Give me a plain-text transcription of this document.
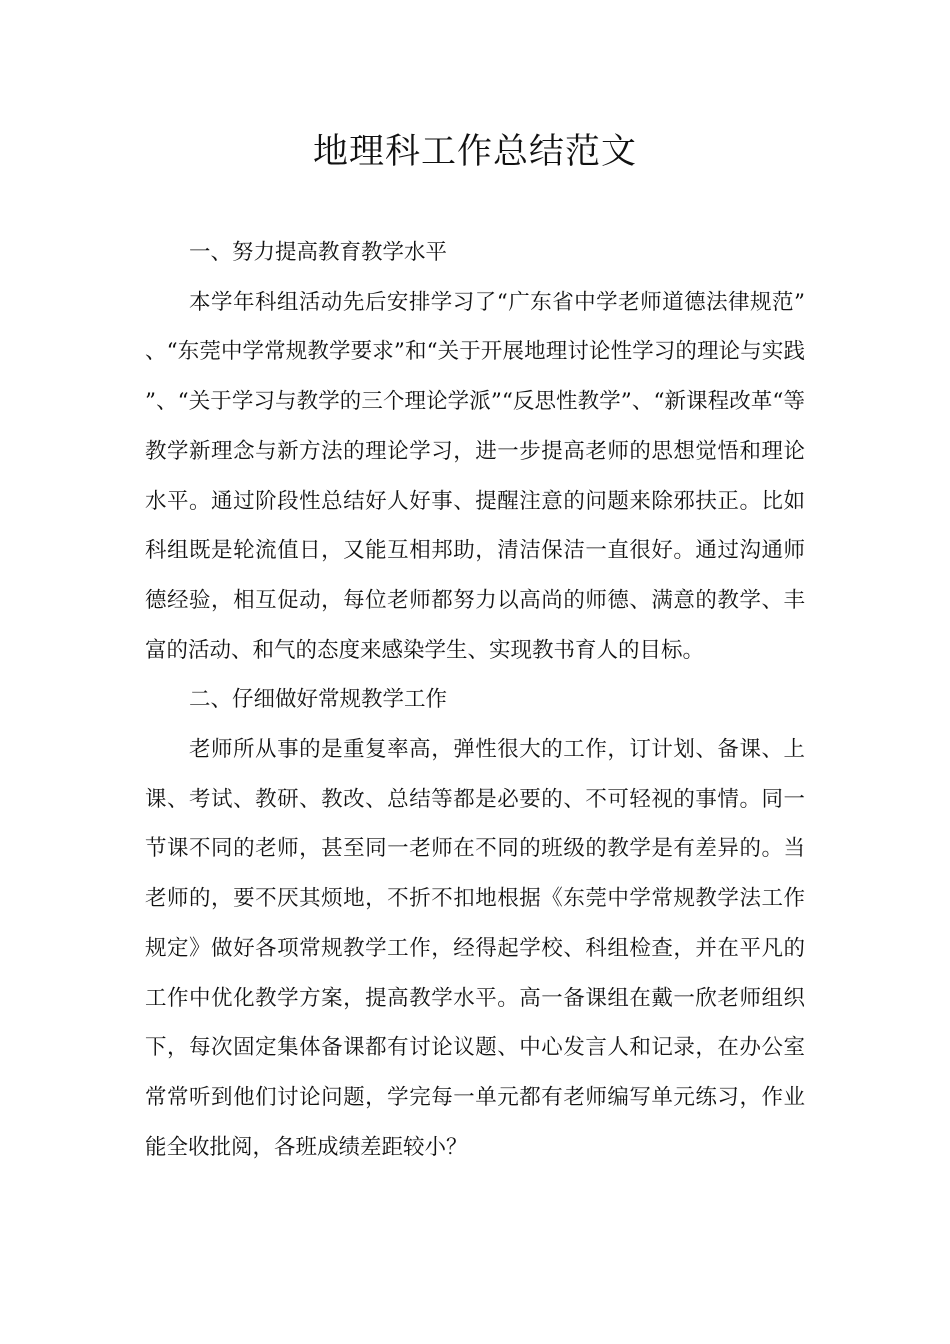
地理科工作总结范文

一、努力提高教育教学水平

本学年科组活动先后安排学习了“广东省中学老师道德法律规范”、“东莞中学常规教学要求”和“关于开展地理讨论性学习的理论与实践”、“关于学习与教学的三个理论学派”“反思性教学”、“新课程改革“等教学新理念与新方法的理论学习，进一步提高老师的思想觉悟和理论水平。通过阶段性总结好人好事、提醒注意的问题来除邪扶正。比如科组既是轮流值日，又能互相邦助，清洁保洁一直很好。通过沟通师德经验，相互促动，每位老师都努力以高尚的师德、满意的教学、丰富的活动、和气的态度来感染学生、实现教书育人的目标。

二、仔细做好常规教学工作

老师所从事的是重复率高，弹性很大的工作，订计划、备课、上课、考试、教研、教改、总结等都是必要的、不可轻视的事情。同一节课不同的老师，甚至同一老师在不同的班级的教学是有差异的。当老师的，要不厌其烦地，不折不扣地根据《东莞中学常规教学法工作规定》做好各项常规教学工作，经得起学校、科组检查，并在平凡的工作中优化教学方案，提高教学水平。高一备课组在戴一欣老师组织下，每次固定集体备课都有讨论议题、中心发言人和记录，在办公室常常听到他们讨论问题，学完每一单元都有老师编写单元练习，作业能全收批阅，各班成绩差距较小？
